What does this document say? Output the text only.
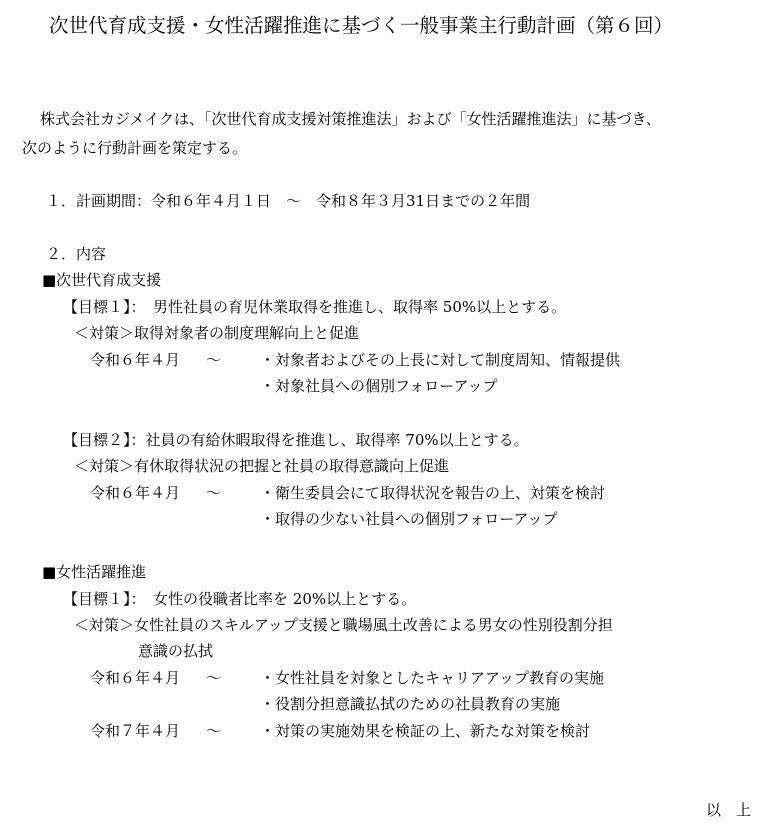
次世代育成支援・女性活躍推進に基づく一般事業主行動計画（第６回）
株式会社カジメイクは、「次世代育成支援対策推進法」および「女性活躍推進法」に基づき、
次のように行動計画を策定する。
１．計画期間：令和６年４月１日　～　令和８年３月31日までの２年間
２．内容
■次世代育成支援
【目標１】：　男性社員の育児休業取得を推進し、取得率 50%以上とする。
＜対策＞取得対象者の制度理解向上と促進
令和６年４月 ～	・対象者およびその上長に対して制度周知、情報提供
・対象社員への個別フォローアップ
【目標２】：社員の有給休暇取得を推進し、取得率 70%以上とする。
＜対策＞有休取得状況の把握と社員の取得意識向上促進
令和６年４月 ～	・衛生委員会にて取得状況を報告の上、対策を検討
・取得の少ない社員への個別フォローアップ
■女性活躍推進
【目標１】：　女性の役職者比率を 20%以上とする。
＜対策＞女性社員のスキルアップ支援と職場風土改善による男女の性別役割分担
意識の払拭
令和６年４月 ～	・女性社員を対象としたキャリアアップ教育の実施
・役割分担意識払拭のための社員教育の実施
令和７年４月 ～	・対策の実施効果を検証の上、新たな対策を検討
以　上
